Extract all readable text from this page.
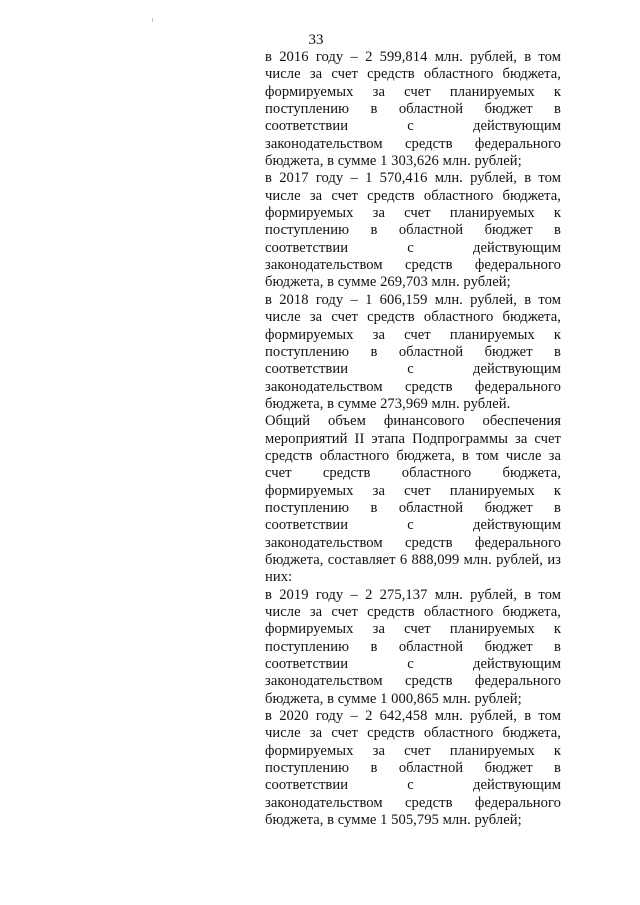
33

в 2016 году – 2 599,814 млн. рублей, в том числе за счет средств областного бюджета, формируемых за счет планируемых к поступлению в областной бюджет в соответствии с действующим законодательством средств федерального бюджета, в сумме 1 303,626 млн. рублей;

в 2017 году – 1 570,416 млн. рублей, в том числе за счет средств областного бюджета, формируемых за счет планируемых к поступлению в областной бюджет в соответствии с действующим законодательством средств федерального бюджета, в сумме 269,703 млн. рублей;

в 2018 году – 1 606,159 млн. рублей, в том числе за счет средств областного бюджета, формируемых за счет планируемых к поступлению в областной бюджет в соответствии с действующим законодательством средств федерального бюджета, в сумме 273,969 млн. рублей.

Общий объем финансового обеспечения мероприятий II этапа Подпрограммы за счет средств областного бюджета, в том числе за счет средств областного бюджета, формируемых за счет планируемых к поступлению в областной бюджет в соответствии с действующим законодательством средств федерального бюджета, составляет 6 888,099 млн. рублей, из них:

в 2019 году – 2 275,137 млн. рублей, в том числе за счет средств областного бюджета, формируемых за счет планируемых к поступлению в областной бюджет в соответствии с действующим законодательством средств федерального бюджета, в сумме 1 000,865 млн. рублей;

в 2020 году – 2 642,458 млн. рублей, в том числе за счет средств областного бюджета, формируемых за счет планируемых к поступлению в областной бюджет в соответствии с действующим законодательством средств федерального бюджета, в сумме 1 505,795 млн. рублей;
